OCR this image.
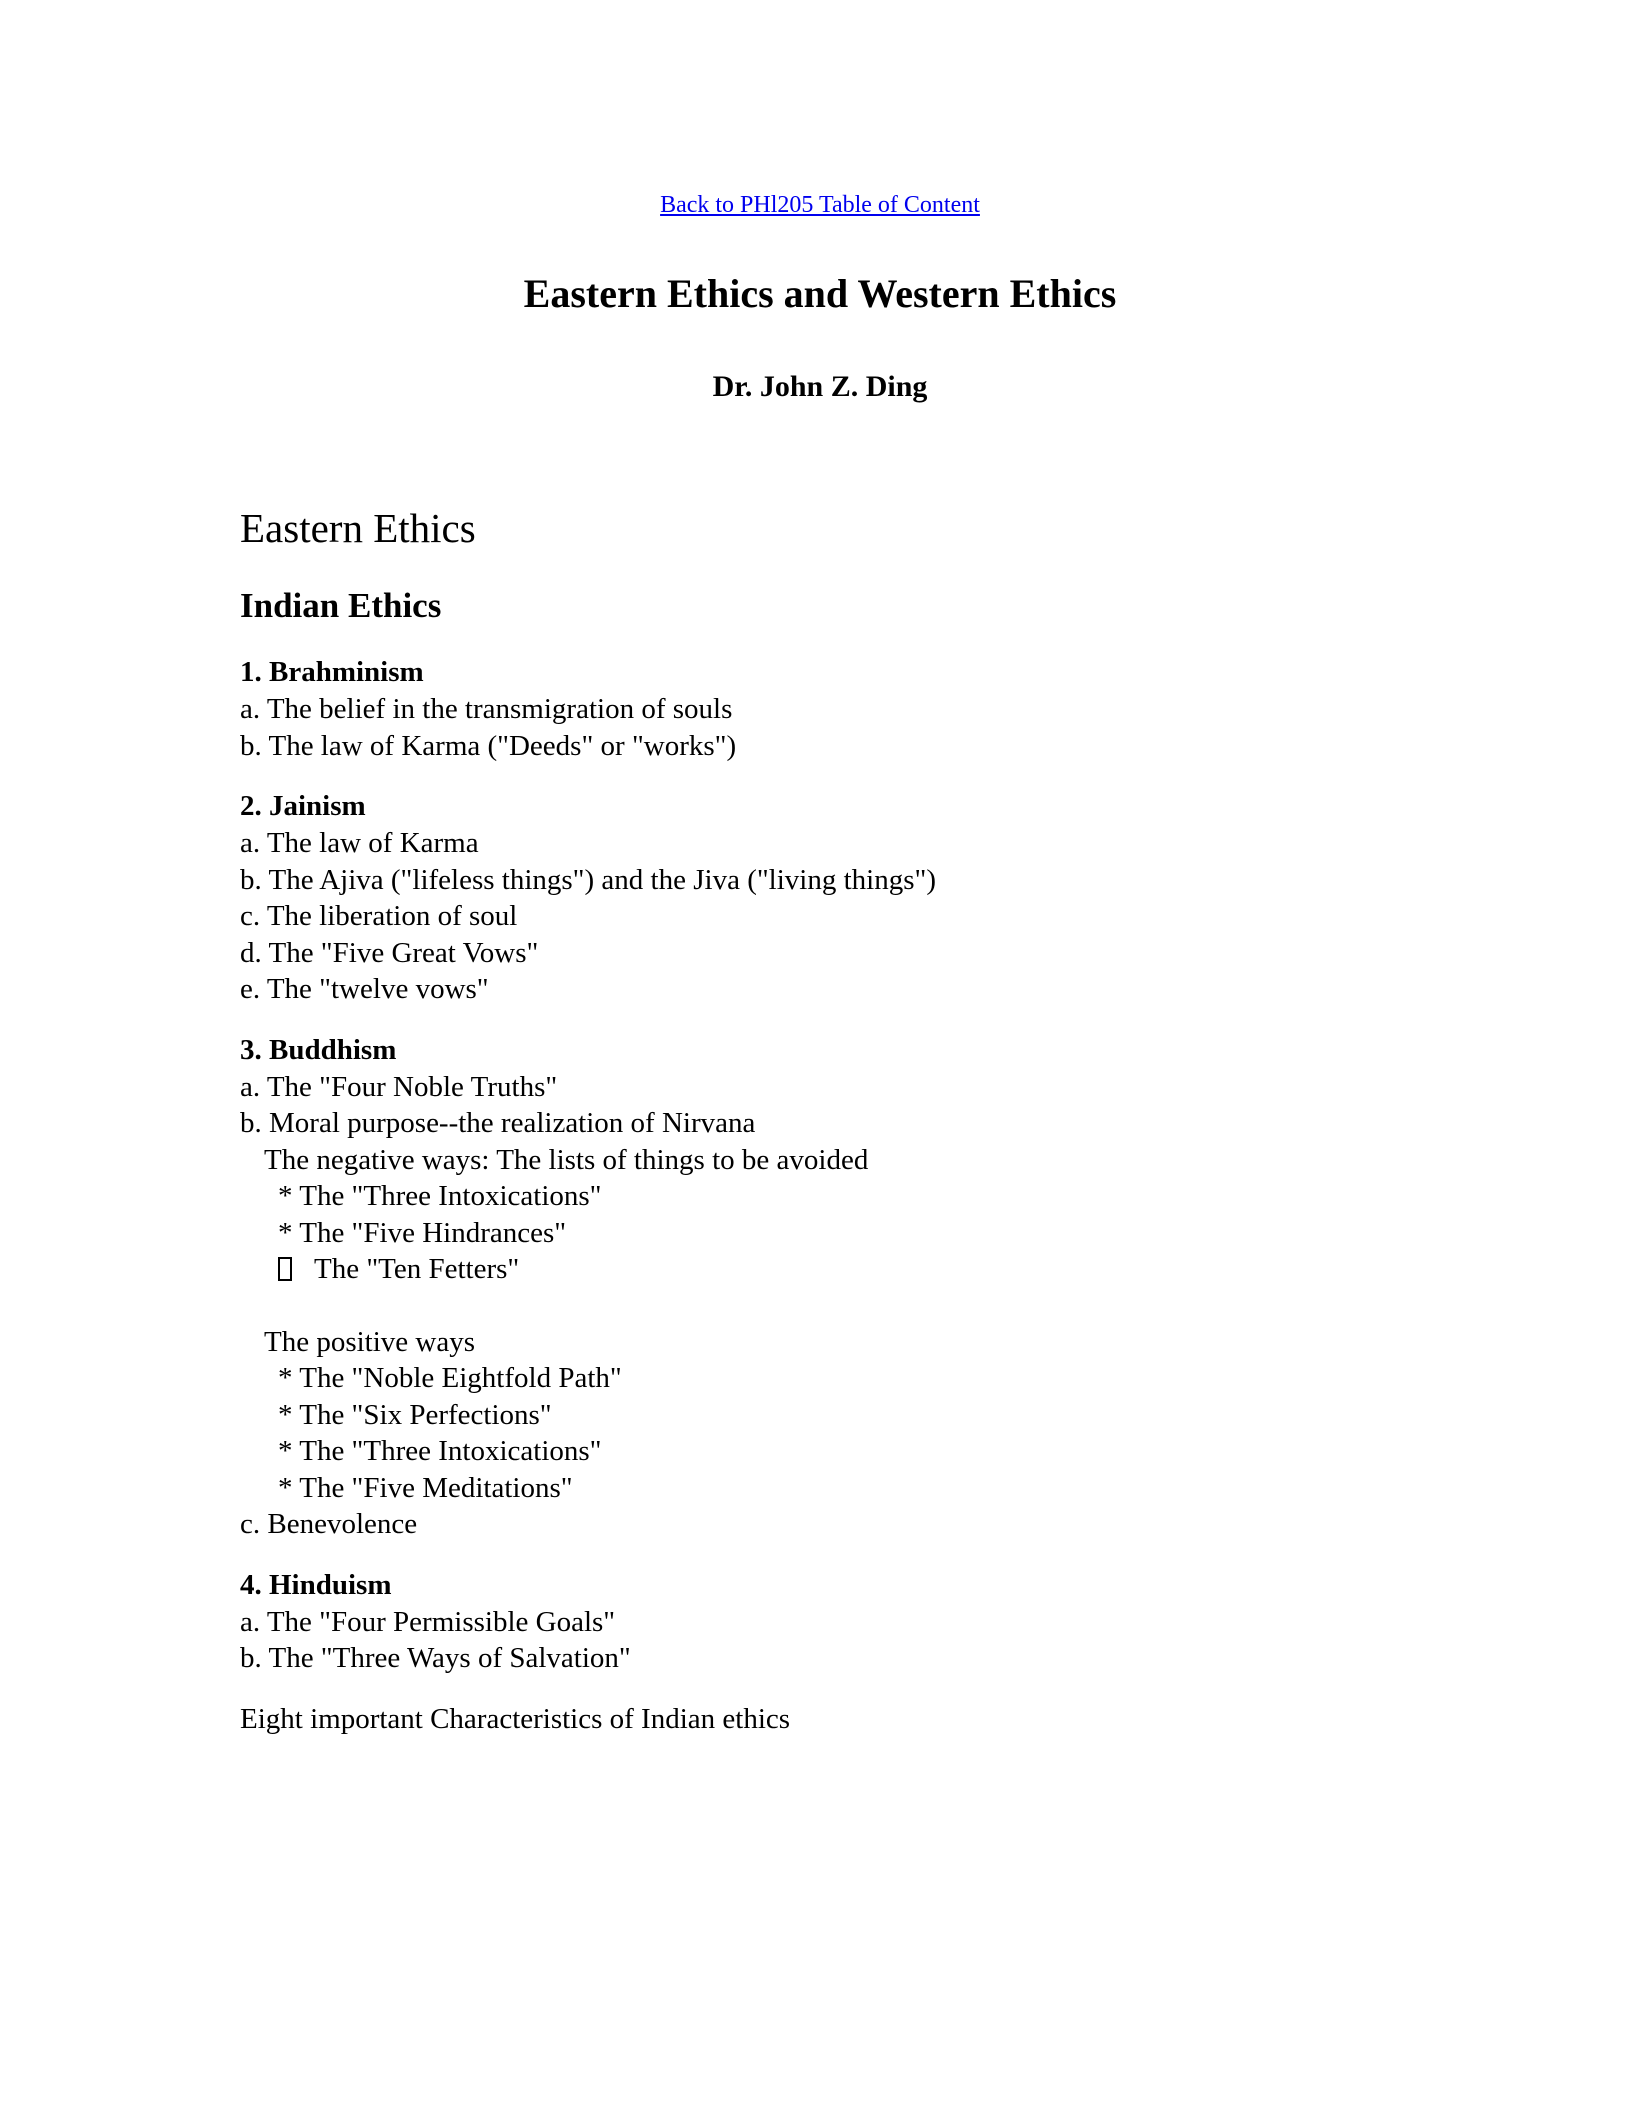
Back to PHl205 Table of Content
Eastern Ethics and Western Ethics
Dr. John Z. Ding
Eastern Ethics
Indian Ethics
1. Brahminism
a. The belief in the transmigration of souls
b. The law of Karma ("Deeds" or "works")
2. Jainism
a. The law of Karma
b. The Ajiva ("lifeless things") and the Jiva ("living things")
c. The liberation of soul
d. The "Five Great Vows"
e. The "twelve vows"
3. Buddhism
a. The "Four Noble Truths"
b. Moral purpose--the realization of Nirvana
The negative ways: The lists of things to be avoided
* The "Three Intoxications"
* The "Five Hindrances"
The "Ten Fetters"
The positive ways
* The "Noble Eightfold Path"
* The "Six Perfections"
* The "Three Intoxications"
* The "Five Meditations"
c. Benevolence
4. Hinduism
a. The "Four Permissible Goals"
b. The "Three Ways of Salvation"
Eight important Characteristics of Indian ethics
